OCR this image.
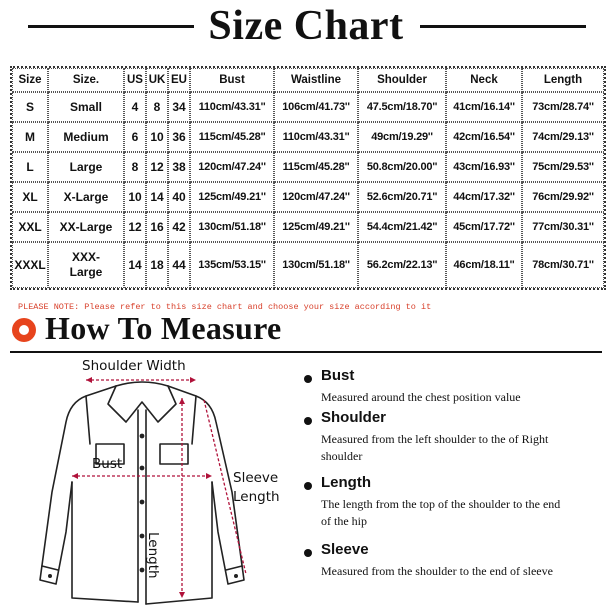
Size Chart
Size	Size.	US	UK	EU	Bust	Waistline	Shoulder	Neck	Length
S	Small	4	8	34	110cm/43.31''	106cm/41.73''	47.5cm/18.70''	41cm/16.14''	73cm/28.74''
M	Medium	6	10	36	115cm/45.28''	110cm/43.31''	49cm/19.29''	42cm/16.54''	74cm/29.13''
L	Large	8	12	38	120cm/47.24''	115cm/45.28''	50.8cm/20.00''	43cm/16.93''	75cm/29.53''
XL	X-Large	10	14	40	125cm/49.21''	120cm/47.24''	52.6cm/20.71''	44cm/17.32''	76cm/29.92''
XXL	XX-Large	12	16	42	130cm/51.18''	125cm/49.21''	54.4cm/21.42''	45cm/17.72''	77cm/30.31''
XXXL	XXX-Large	14	18	44	135cm/53.15''	130cm/51.18''	56.2cm/22.13''	46cm/18.11''	78cm/30.71''
PLEASE NOTE: Please refer to this size chart and choose your size according to it
How To Measure
Shoulder Width
Bust
Sleeve
Length
Length
Bust
Measured around the chest position value
Shoulder
Measured from the left shoulder to the of Right shoulder
Length
The length from the top of the shoulder to the end of the hip
Sleeve
Measured from the shoulder to the end of sleeve
